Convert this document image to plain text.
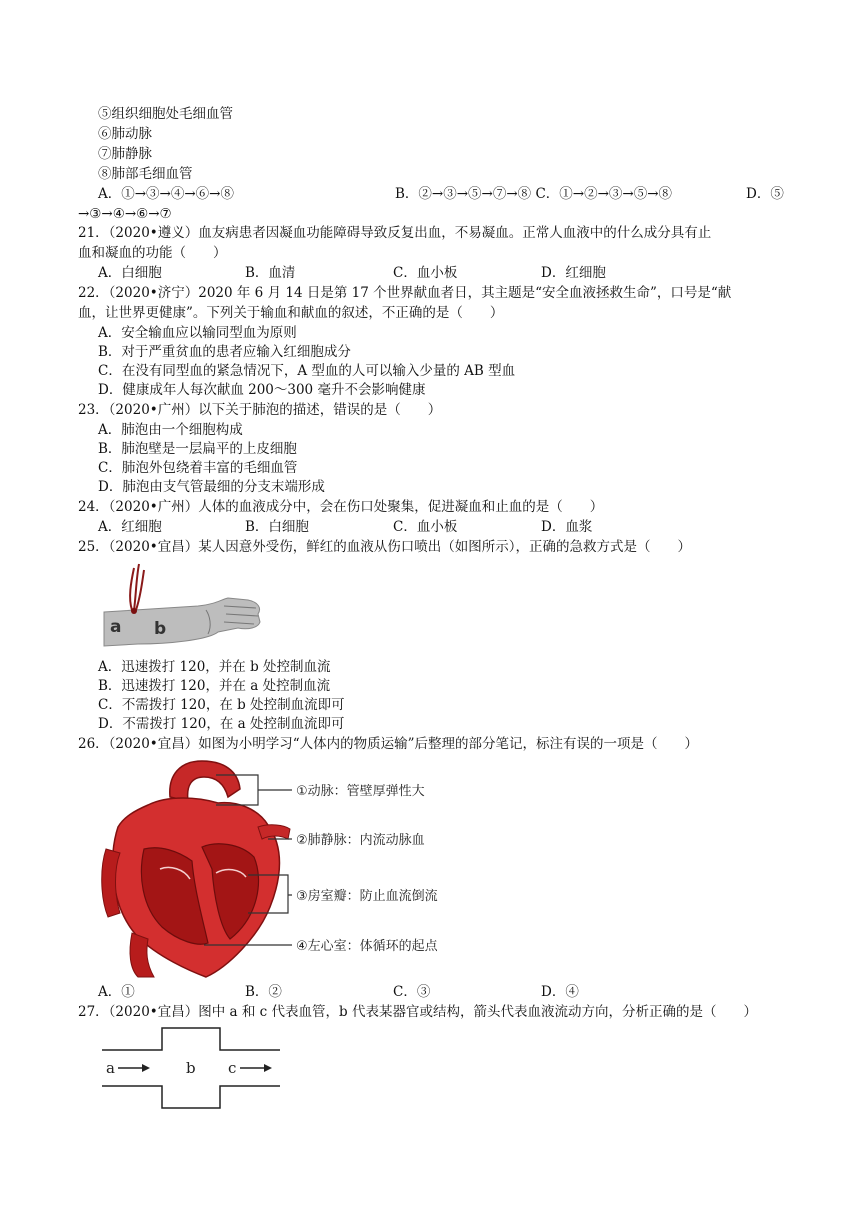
⑤组织细胞处毛细血管
⑥肺动脉
⑦肺静脉
⑧肺部毛细血管
A．①→③→④→⑥→⑧	B．②→③→⑤→⑦→⑧ C．①→②→③→⑤→⑧	D．⑤
→③→④→⑥→⑦
21．（2020•遵义）血友病患者因凝血功能障碍导致反复出血，不易凝血。正常人血液中的什么成分具有止
血和凝血的功能（　　）
A．白细胞	B．血清	C．血小板	D．红细胞
22．（2020•济宁）2020 年 6 月 14 日是第 17 个世界献血者日，其主题是“安全血液拯救生命”，口号是“献
血，让世界更健康”。下列关于输血和献血的叙述，不正确的是（　　）
A．安全输血应以输同型血为原则
B．对于严重贫血的患者应输入红细胞成分
C．在没有同型血的紧急情况下，A 型血的人可以输入少量的 AB 型血
D．健康成年人每次献血 200～300 毫升不会影响健康
23．（2020•广州）以下关于肺泡的描述，错误的是（　　）
A．肺泡由一个细胞构成
B．肺泡壁是一层扁平的上皮细胞
C．肺泡外包绕着丰富的毛细血管
D．肺泡由支气管最细的分支末端形成
24．（2020•广州）人体的血液成分中，会在伤口处聚集，促进凝血和止血的是（　　）
A．红细胞	B．白细胞	C．血小板	D．血浆
25．（2020•宜昌）某人因意外受伤，鲜红的血液从伤口喷出（如图所示），正确的急救方式是（　　）
a b
A．迅速拨打 120，并在 b 处控制血流
B．迅速拨打 120，并在 a 处控制血流
C．不需拨打 120，在 b 处控制血流即可
D．不需拨打 120，在 a 处控制血流即可
26．（2020•宜昌）如图为小明学习“人体内的物质运输”后整理的部分笔记，标注有误的一项是（　　）
①动脉：管壁厚弹性大
②肺静脉：内流动脉血
③房室瓣：防止血流倒流
④左心室：体循环的起点
A．①	B．②	C．③	D．④
27．（2020•宜昌）图中 a 和 c 代表血管，b 代表某器官或结构，箭头代表血液流动方向，分析正确的是（　　）
a	b c
